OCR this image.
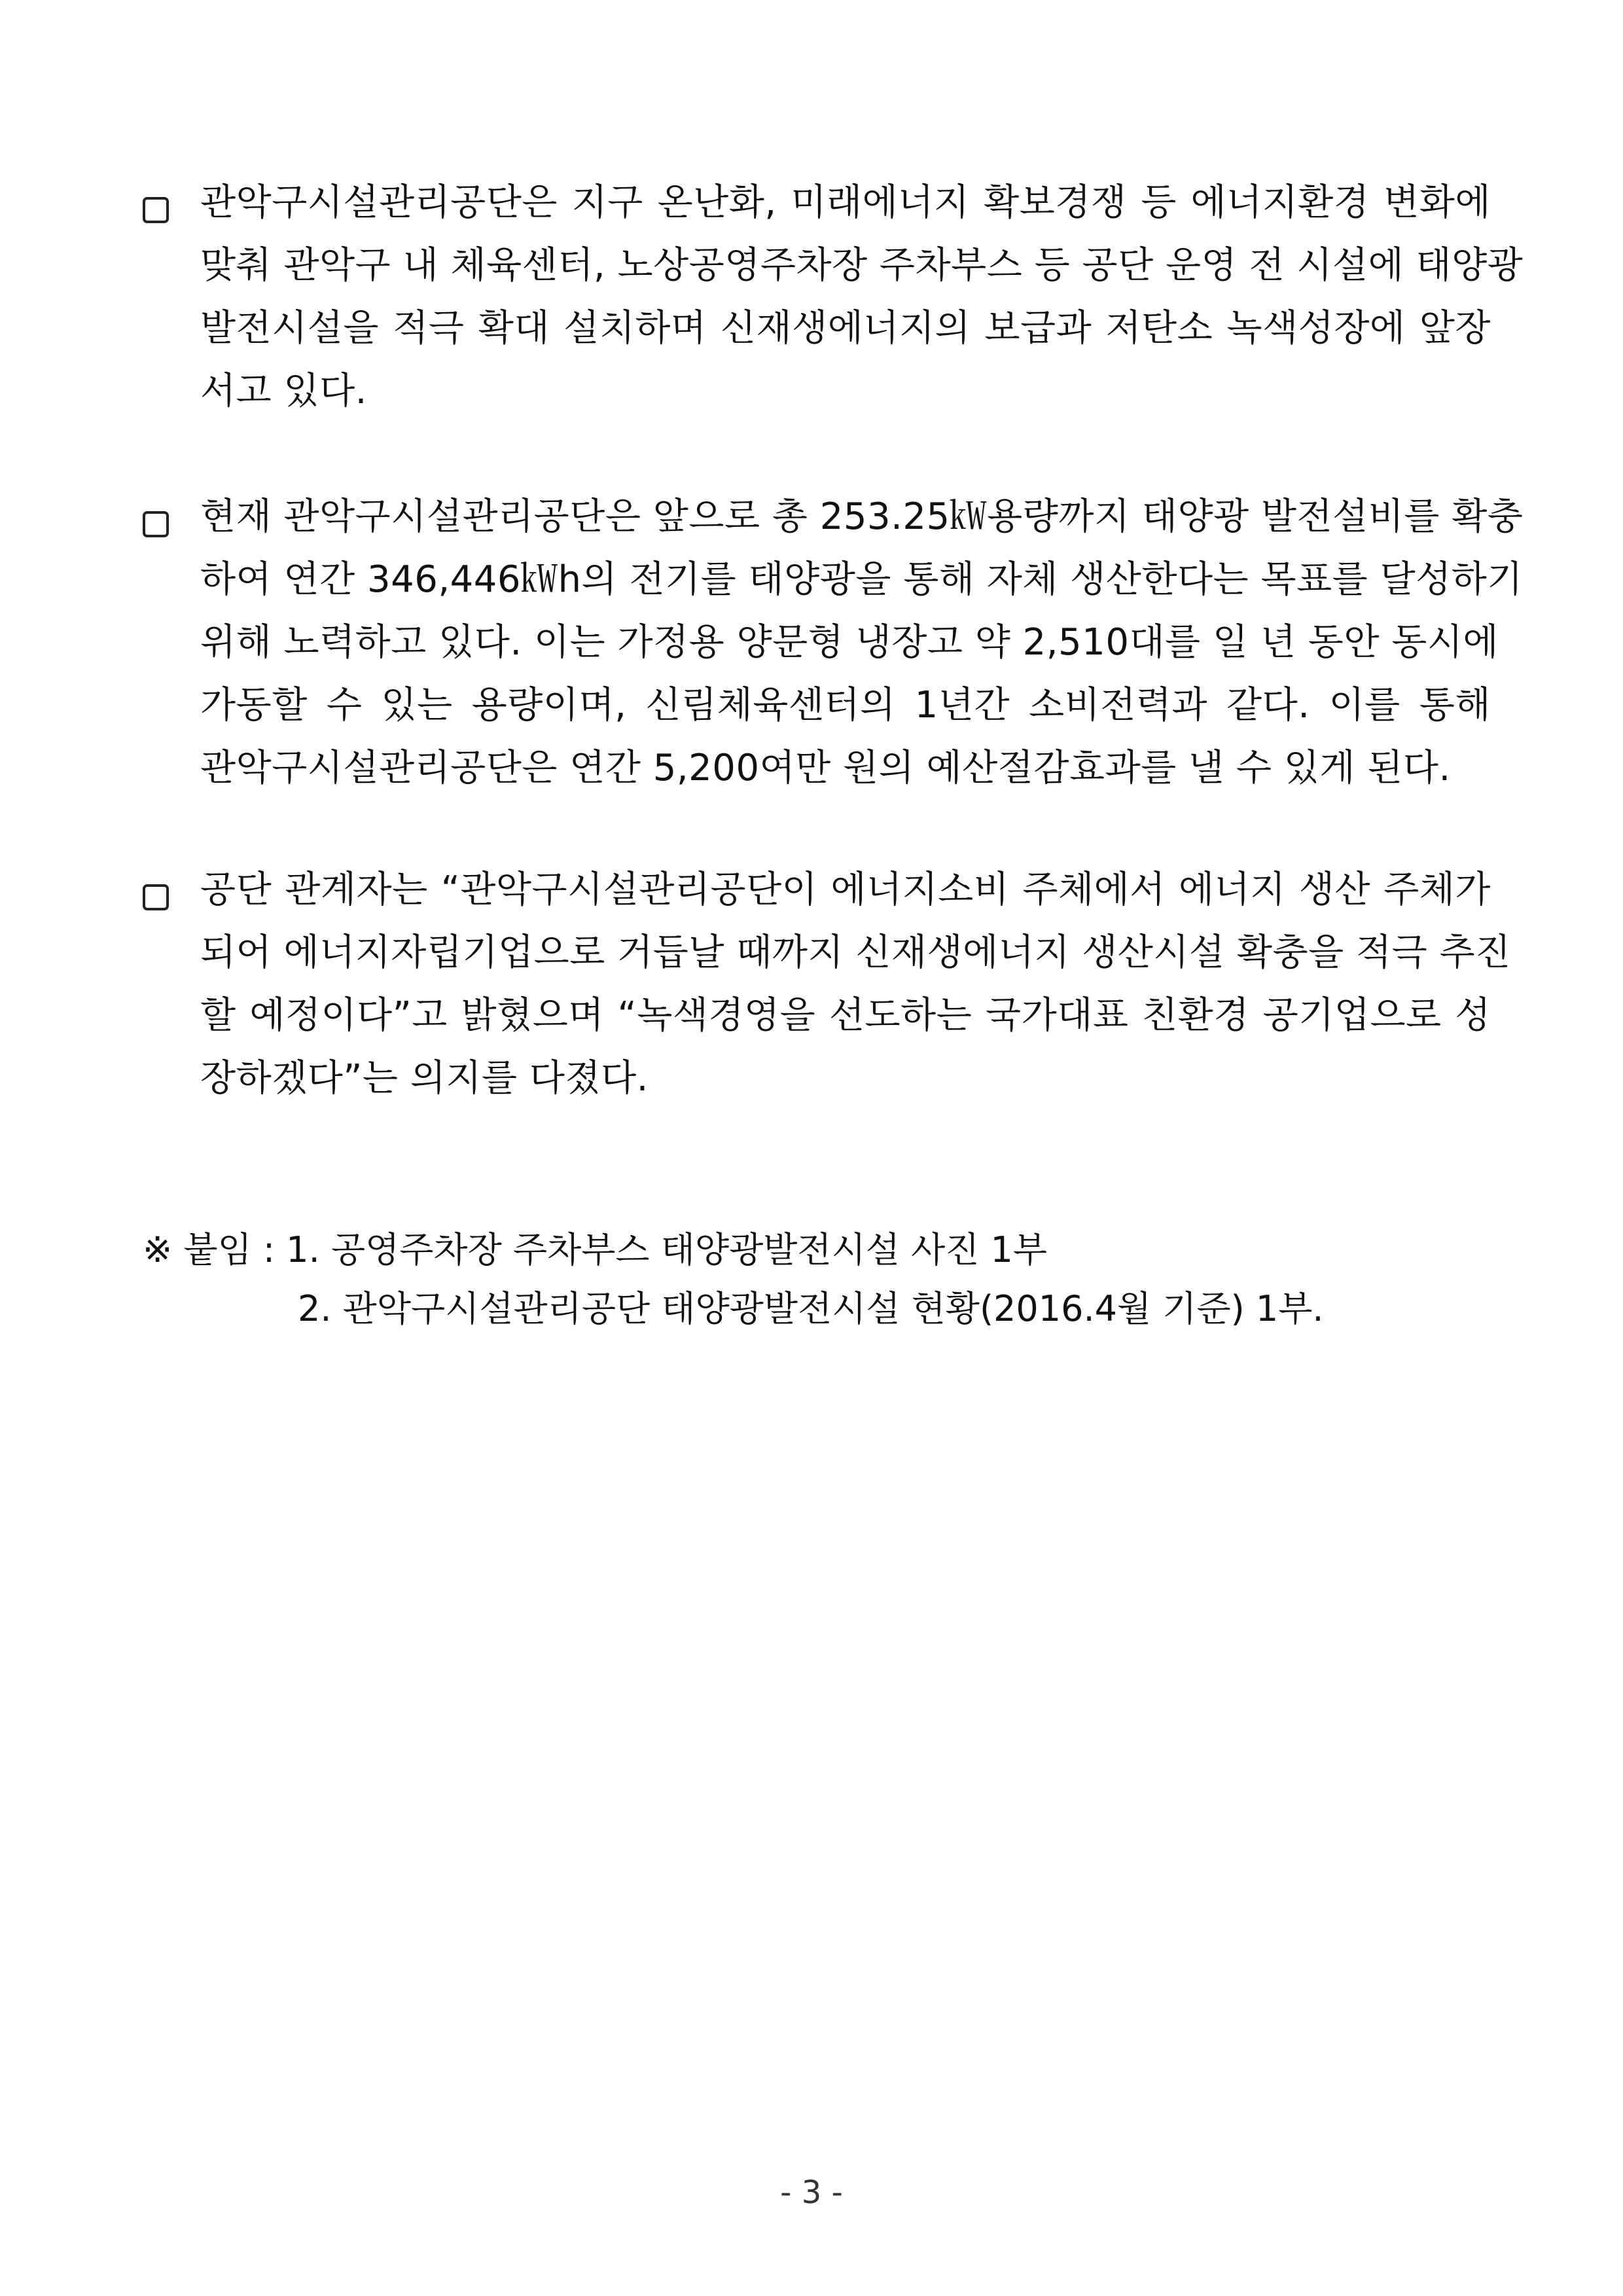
관악구시설관리공단은 지구 온난화, 미래에너지 확보경쟁 등 에너지환경 변화에
맞춰 관악구 내 체육센터, 노상공영주차장 주차부스 등 공단 운영 전 시설에 태양광
발전시설을 적극 확대 설치하며 신재생에너지의 보급과 저탄소 녹색성장에 앞장
서고 있다.
현재 관악구시설관리공단은 앞으로 총 253.25㎾용량까지 태양광 발전설비를 확충
하여 연간 346,446㎾h의 전기를 태양광을 통해 자체 생산한다는 목표를 달성하기
위해 노력하고 있다. 이는 가정용 양문형 냉장고 약 2,510대를 일 년 동안 동시에
가동할 수 있는 용량이며, 신림체육센터의 1년간 소비전력과 같다. 이를 통해
관악구시설관리공단은 연간 5,200여만 원의 예산절감효과를 낼 수 있게 된다.
공단 관계자는 “관악구시설관리공단이 에너지소비 주체에서 에너지 생산 주체가
되어 에너지자립기업으로 거듭날 때까지 신재생에너지 생산시설 확충을 적극 추진
할 예정이다”고 밝혔으며 “녹색경영을 선도하는 국가대표 친환경 공기업으로 성
장하겠다”는 의지를 다졌다.
※ 붙임 : 1. 공영주차장 주차부스 태양광발전시설 사진 1부
2. 관악구시설관리공단 태양광발전시설 현황(2016.4월 기준) 1부.
- 3 -
